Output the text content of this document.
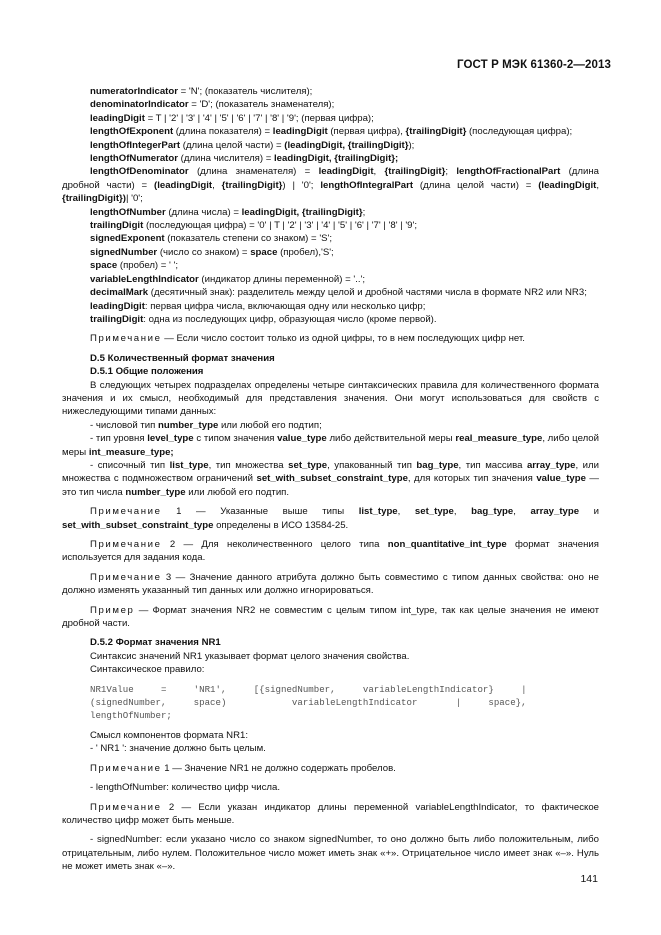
ГОСТ Р МЭК 61360-2—2013

numeratorIndicator = 'N'; (показатель числителя);

denominatorIndicator = 'D'; (показатель знаменателя);

leadingDigit = T | '2' | '3' | '4' | '5' | '6' | '7' | '8' | '9'; (первая цифра);

lengthOfExponent (длина показателя) = leadingDigit (первая цифра), {trailingDigit} (последующая цифра);

lengthOfIntegerPart (длина целой части) = (leadingDigit, {trailingDigit});

lengthOfNumerator (длина числителя) = leadingDigit, {trailingDigit};

lengthOfDenominator (длина знаменателя) = leadingDigit, {trailingDigit}; lengthOfFractionalPart (длина дробной части) = (leadingDigit, {trailingDigit}) | '0'; lengthOfIntegralPart (длина целой части) = (leadingDigit, {trailingDigit})| '0';

lengthOfNumber (длина числа) = leadingDigit, {trailingDigit};

trailingDigit (последующая цифра) = '0' | T | '2' | '3' | '4' | '5' | '6' | '7' | '8' | '9';

signedExponent (показатель степени со знаком) = 'S';

signedNumber (число со знаком) = space (пробел),'S';

space (пробел) = ' ';

variableLengthIndicator (индикатор длины переменной) = '..';

decimalMark (десятичный знак): разделитель между целой и дробной частями числа в формате NR2 или NR3;

leadingDigit: первая цифра числа, включающая одну или несколько цифр;

trailingDigit: одна из последующих цифр, образующая число (кроме первой).

Примечание — Если число состоит только из одной цифры, то в нем последующих цифр нет.

D.5 Количественный формат значения

D.5.1 Общие положения

В следующих четырех подразделах определены четыре синтаксических правила для количественного формата значения и их смысл, необходимый для представления значения. Они могут использоваться для свойств с нижеследующими типами данных:

- числовой тип number_type или любой его подтип;

- тип уровня level_type с типом значения value_type либо действительной меры real_measure_type, либо целой меры int_measure_type;

- списочный тип list_type, тип множества set_type, упакованный тип bag_type, тип массива array_type, или множества с подмножеством ограничений set_with_subset_constraint_type, для которых тип значения value_type — это тип числа number_type или любой его подтип.

Примечание 1 — Указанные выше типы list_type, set_type, bag_type, array_type и set_with_subset_constraint_type определены в ИСО 13584-25.

Примечание 2 — Для неколичественного целого типа non_quantitative_int_type формат значения используется для задания кода.

Примечание 3 — Значение данного атрибута должно быть совместимо с типом данных свойства: оно не должно изменять указанный тип данных или должно игнорироваться.

Пример — Формат значения NR2 не совместим с целым типом int_type, так как целые значения не имеют дробной части.

D.5.2 Формат значения NR1

Синтаксис значений NR1 указывает формат целого значения свойства.

Синтаксическое правило:

NR1Value     =     'NR1',     [{signedNumber,     variableLengthIndicator}     |

(signedNumber,     space)            variableLengthIndicator       |     space},

lengthOfNumber;

Смысл компонентов формата NR1:

- ' NR1 ': значение должно быть целым.

Примечание 1 — Значение NR1 не должно содержать пробелов.

- lengthOfNumber: количество цифр числа.

Примечание 2 — Если указан индикатор длины переменной variableLengthIndicator, то фактическое количество цифр может быть меньше.

- signedNumber: если указано число со знаком signedNumber, то оно должно быть либо положительным, либо отрицательным, либо нулем. Положительное число может иметь знак «+». Отрицательное число имеет знак «–». Нуль не может иметь знак «–».

141
